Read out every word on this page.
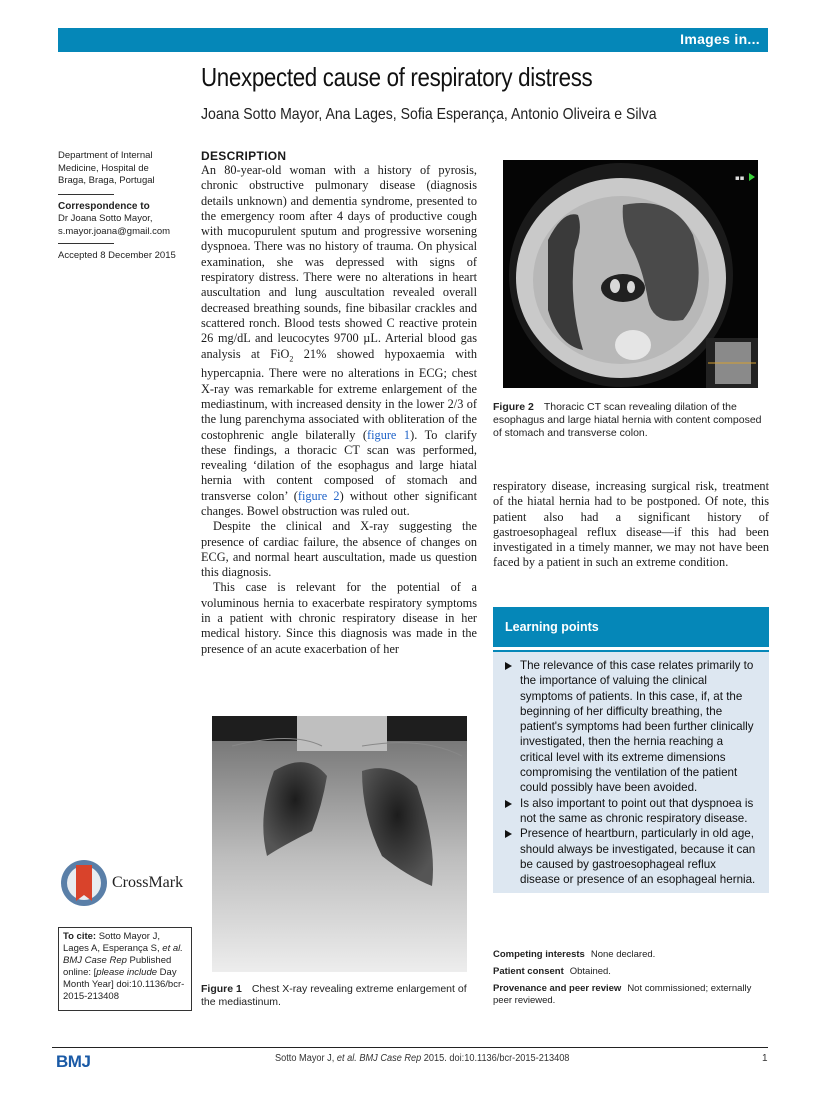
Images in...
Unexpected cause of respiratory distress
Joana Sotto Mayor, Ana Lages, Sofia Esperança, Antonio Oliveira e Silva
Department of Internal Medicine, Hospital de Braga, Braga, Portugal
Correspondence to
Dr Joana Sotto Mayor,
s.mayor.joana@gmail.com
Accepted 8 December 2015
DESCRIPTION

An 80-year-old woman with a history of pyrosis, chronic obstructive pulmonary disease (diagnosis details unknown) and dementia syndrome, presented to the emergency room after 4 days of productive cough with mucopurulent sputum and progressive worsening dyspnoea. There was no history of trauma. On physical examination, she was depressed with signs of respiratory distress. There were no alterations in heart auscultation and lung auscultation revealed overall decreased breathing sounds, fine bibasilar crackles and scattered ronch. Blood tests showed C reactive protein 26 mg/dL and leucocytes 9700 µL. Arterial blood gas analysis at FiO$_2$ 21% showed hypoxaemia with hypercapnia. There were no alterations in ECG; chest X-ray was remarkable for extreme enlargement of the mediastinum, with increased density in the lower 2/3 of the lung parenchyma associated with obliteration of the costophrenic angle bilaterally (figure 1). To clarify these findings, a thoracic CT scan was performed, revealing ‘dilation of the esophagus and large hiatal hernia with content composed of stomach and transverse colon’ (figure 2) without other significant changes. Bowel obstruction was ruled out.

Despite the clinical and X-ray suggesting the presence of cardiac failure, the absence of changes on ECG, and normal heart auscultation, made us question this diagnosis.

This case is relevant for the potential of a voluminous hernia to exacerbate respiratory symptoms in a patient with chronic respiratory disease in her medical history. Since this diagnosis was made in the presence of an acute exacerbation of her

▪▪
Figure 2 Thoracic CT scan revealing dilation of the esophagus and large hiatal hernia with content composed of stomach and transverse colon.

respiratory disease, increasing surgical risk, treatment of the hiatal hernia had to be postponed. Of note, this patient also had a significant history of gastroesophageal reflux disease—if this had been investigated in a timely manner, we may not have been faced by a patient in such an extreme condition.

Learning points
The relevance of this case relates primarily to the importance of valuing the clinical symptoms of patients. In this case, if, at the beginning of her difficulty breathing, the patient's symptoms had been further clinically investigated, then the hernia reaching a critical level with its extreme dimensions compromising the ventilation of the patient could possibly have been avoided.
Is also important to point out that dyspnoea is not the same as chronic respiratory disease.
Presence of heartburn, particularly in old age, should always be investigated, because it can be caused by gastroesophageal reflux disease or presence of an esophageal hernia.
Competing interests None declared.
Patient consent Obtained.
Provenance and peer review Not commissioned; externally peer reviewed.
CrossMark
To cite: Sotto Mayor J, Lages A, Esperança S, et al. BMJ Case Rep Published online: [please include Day Month Year] doi:10.1136/bcr-2015-213408
Figure 1 Chest X-ray revealing extreme enlargement of the mediastinum.
BMJ	Sotto Mayor J, et al. BMJ Case Rep 2015. doi:10.1136/bcr-2015-213408	1
